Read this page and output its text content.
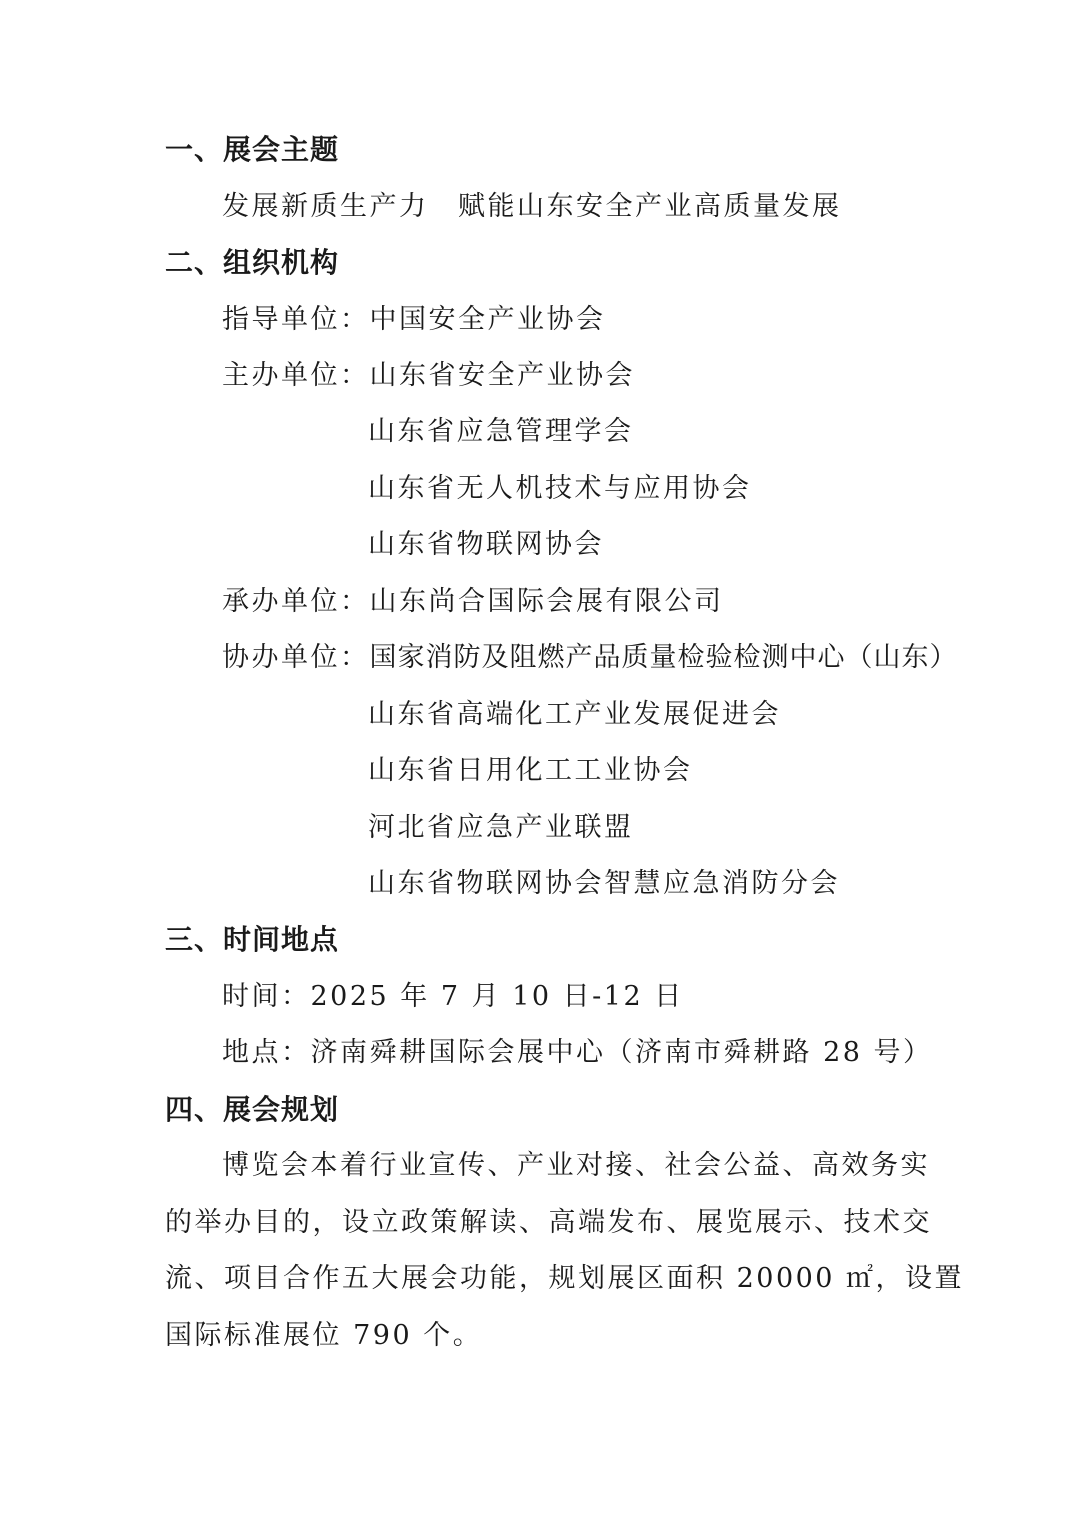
一、展会主题
发展新质生产力　赋能山东安全产业高质量发展
二、组织机构
指导单位：中国安全产业协会
主办单位：山东省安全产业协会
山东省应急管理学会
山东省无人机技术与应用协会
山东省物联网协会
承办单位：山东尚合国际会展有限公司
协办单位：国家消防及阻燃产品质量检验检测中心（山东）
山东省高端化工产业发展促进会
山东省日用化工工业协会
河北省应急产业联盟
山东省物联网协会智慧应急消防分会
三、时间地点
时间：2025 年 7 月 10 日-12 日
地点：济南舜耕国际会展中心（济南市舜耕路 28 号）
四、展会规划
博览会本着行业宣传、产业对接、社会公益、高效务实
的举办目的，设立政策解读、高端发布、展览展示、技术交
流、项目合作五大展会功能，规划展区面积 20000 ㎡，设置
国际标准展位 790 个。
